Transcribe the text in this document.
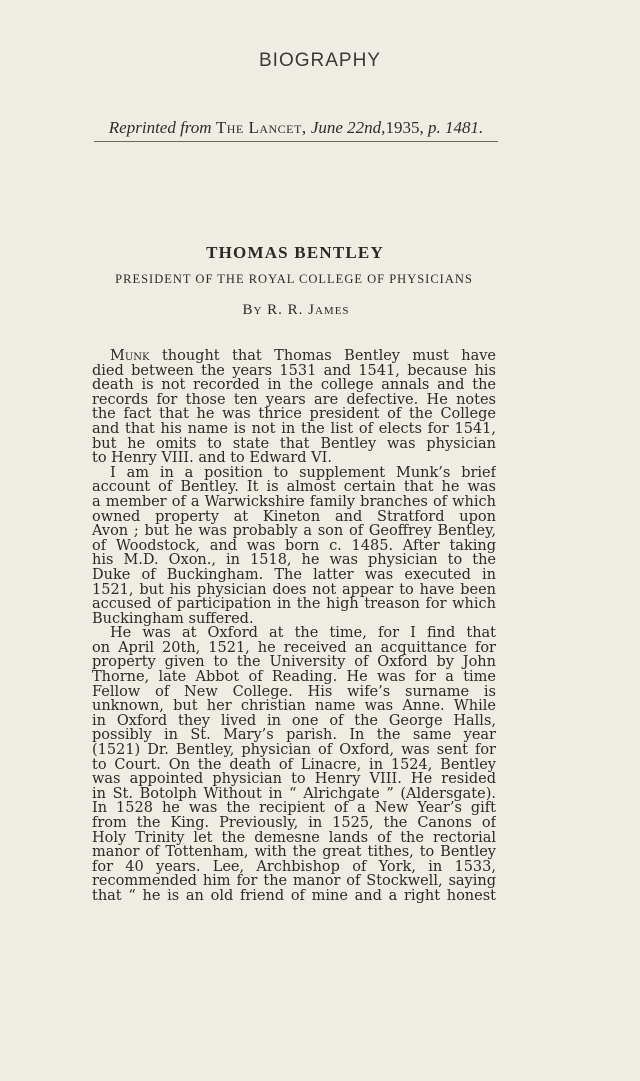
BIOGRAPHY
Reprinted from The Lancet, June 22nd,1935, p. 1481.
THOMAS BENTLEY
PRESIDENT OF THE ROYAL COLLEGE OF PHYSICIANS
By R. R. James
Munk thought that Thomas Bentley must have
died between the years 1531 and 1541, because his
death is not recorded in the college annals and the
records for those ten years are defective. He notes
the fact that he was thrice president of the College
and that his name is not in the list of elects for 1541,
but he omits to state that Bentley was physician
to Henry VIII. and to Edward VI.
I am in a position to supplement Munk’s brief
account of Bentley. It is almost certain that he was
a member of a Warwickshire family branches of which
owned property at Kineton and Stratford upon
Avon ; but he was probably a son of Geoffrey Bentley,
of Woodstock, and was born c. 1485. After taking
his M.D. Oxon., in 1518, he was physician to the
Duke of Buckingham. The latter was executed in
1521, but his physician does not appear to have been
accused of participation in the high treason for which
Buckingham suffered.
He was at Oxford at the time, for I find that
on April 20th, 1521, he received an acquittance for
property given to the University of Oxford by John
Thorne, late Abbot of Reading. He was for a time
Fellow of New College. His wife’s surname is
unknown, but her christian name was Anne. While
in Oxford they lived in one of the George Halls,
possibly in St. Mary’s parish. In the same year
(1521) Dr. Bentley, physician of Oxford, was sent for
to Court. On the death of Linacre, in 1524, Bentley
was appointed physician to Henry VIII. He resided
in St. Botolph Without in “ Alrichgate ” (Aldersgate).
In 1528 he was the recipient of a New Year’s gift
from the King. Previously, in 1525, the Canons of
Holy Trinity let the demesne lands of the rectorial
manor of Tottenham, with the great tithes, to Bentley
for 40 years. Lee, Archbishop of York, in 1533,
recommended him for the manor of Stockwell, saying
that “ he is an old friend of mine and a right honest
